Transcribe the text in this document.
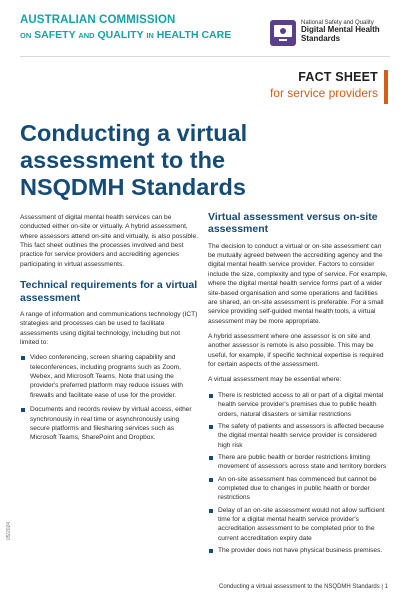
AUSTRALIAN COMMISSION
ON SAFETY AND QUALITY IN HEALTH CARE
National Safety and Quality
Digital Mental Health
Standards
FACT SHEET
for service providers
Conducting a virtual assessment to the NSQDMH Standards

Assessment of digital mental health services can be conducted either on-site or virtually. A hybrid assessment, where assessors attend on-site and virtually, is also possible. This fact sheet outlines the processes involved and best practice for service providers and accrediting agencies participating in virtual assessments.

Technical requirements for a virtual assessment

A range of information and communications technology (ICT) strategies and processes can be used to facilitate assessments using digital technology, including but not limited to:

Video conferencing, screen sharing capability and teleconferences, including programs such as Zoom, Webex, and Microsoft Teams. Note that using the provider's preferred platform may reduce issues with firewalls and facilitate ease of use for the provider.
Documents and records review by virtual access, either synchronously in real time or asynchronously using secure platforms and filesharing services such as Microsoft Teams, SharePoint and Dropbox.
Virtual assessment versus on-site assessment

The decision to conduct a virtual or on-site assessment can be mutually agreed between the accrediting agency and the digital mental health service provider. Factors to consider include the size, complexity and type of service. For example, where the digital mental health service forms part of a wider site-based organisation and some operations and facilities are shared, an on-site assessment is preferable. For a small service providing self-guided mental health tools, a virtual assessment may be more appropriate.

A hybrid assessment where one assessor is on site and another assessor is remote is also possible. This may be useful, for example, if specific technical expertise is required for certain aspects of the assessment.

A virtual assessment may be essential where:

There is restricted access to all or part of a digital mental health service provider's premises due to public health orders, natural disasters or similar restrictions
The safety of patients and assessors is affected because the digital mental health service provider is considered high risk
There are public health or border restrictions limiting movement of assessors across state and territory borders
An on-site assessment has commenced but cannot be completed due to changes in public health or border restrictions
Delay of an on-site assessment would not allow sufficient time for a digital mental health service provider's accreditation assessment to be completed prior to the current accreditation expiry date
The provider does not have physical business premises.
05/2024
Conducting a virtual assessment to the NSQDMH Standards | 1
